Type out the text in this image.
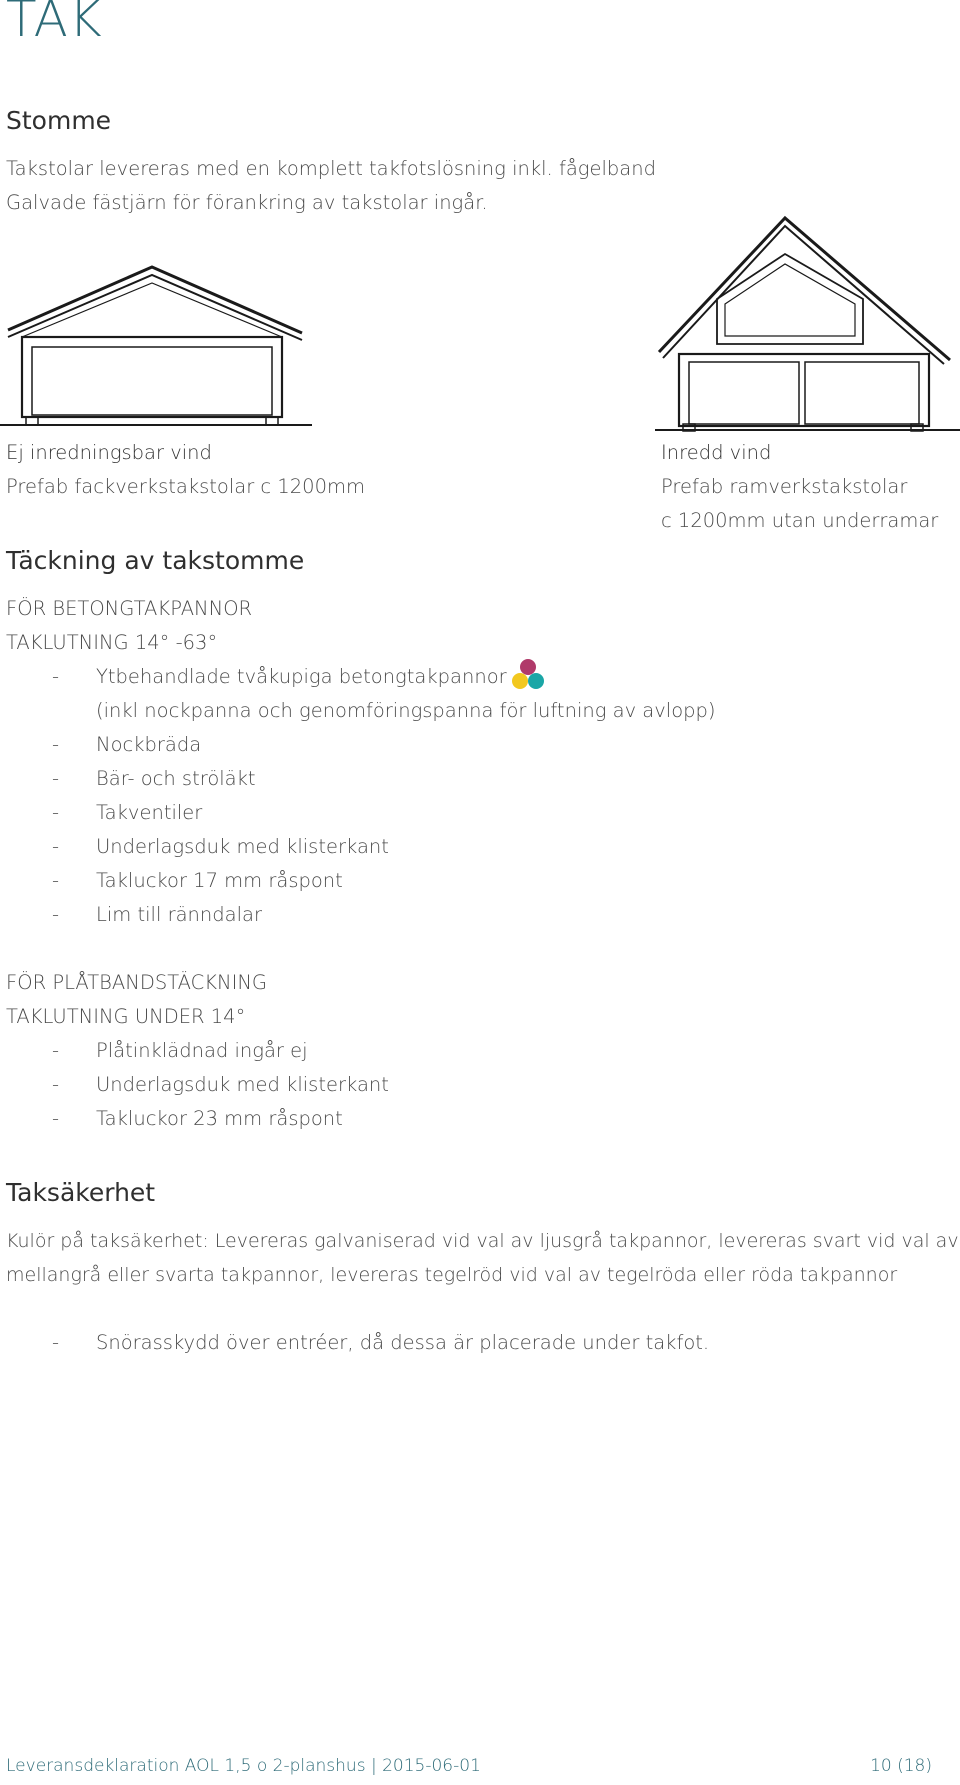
TAK
Stomme
Takstolar levereras med en komplett takfotslösning inkl. fågelband
Galvade fästjärn för förankring av takstolar ingår.
Ej inredningsbar vind
Prefab fackverkstakstolar c 1200mm
Inredd vind
Prefab ramverkstakstolar
c 1200mm utan underramar
Täckning av takstomme
FÖR BETONGTAKPANNOR
TAKLUTNING 14° -63°
- Ytbehandlade tvåkupiga betongtakpannor
(inkl nockpanna och genomföringspanna för luftning av avlopp)
- Nockbräda
- Bär- och ströläkt
- Takventiler
- Underlagsduk med klisterkant
- Takluckor 17 mm råspont
- Lim till ränndalar
FÖR PLÅTBANDSTÄCKNING
TAKLUTNING UNDER 14°
- Plåtinklädnad ingår ej
- Underlagsduk med klisterkant
- Takluckor 23 mm råspont
Taksäkerhet
Kulör på taksäkerhet: Levereras galvaniserad vid val av ljusgrå takpannor, levereras svart vid val av
mellangrå eller svarta takpannor, levereras tegelröd vid val av tegelröda eller röda takpannor
- Snörasskydd över entréer, då dessa är placerade under takfot.
Leveransdeklaration AOL 1,5 o 2-planshus | 2015-06-01	10 (18)
